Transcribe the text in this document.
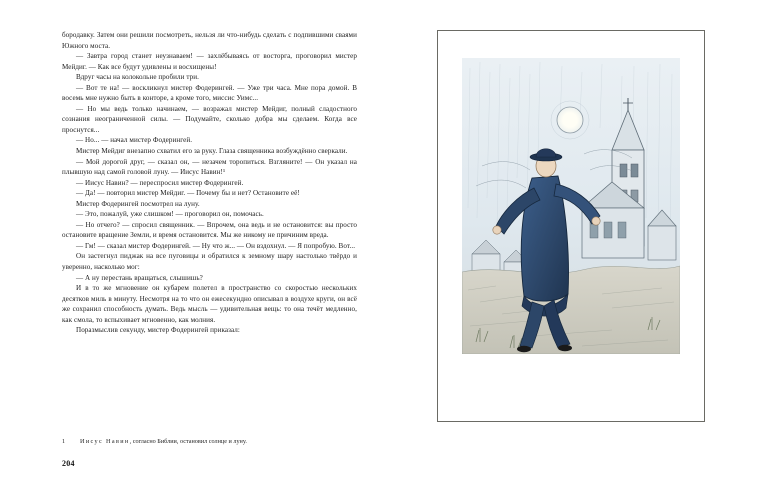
бородавку. Затем они решили посмотреть, нельзя ли что-нибудь сделать с подпившими сваями Южного моста.

— Завтра город станет неузнаваем! — захлёбываясь от восторга, проговорил мистер Мейдиг. — Как все будут удивлены и восхищены!

Вдруг часы на колокольне пробили три.

— Вот те на! — воскликнул мистер Фодерингей. — Уже три часа. Мне пора домой. В восемь мне нужно быть в конторе, а кроме того, миссис Уимс...

— Но мы ведь только начинаем, — возражал мистер Мейдиг, полный сладостного сознания неограниченной силы. — Подумайте, сколько добра мы сделаем. Когда все проснутся...

— Но... — начал мистер Фодерингей.

Мистер Мейдиг внезапно схватил его за руку. Глаза священника возбуждённо сверкали.

— Мой дорогой друг, — сказал он, — незачем торопиться. Взгляните! — Он указал на плывшую над самой головой луну. — Иисус Навин!¹

— Иисус Навин? — переспросил мистер Фодерингей.

— Да! — повторил мистер Мейдиг. — Почему бы и нет? Остановите её!

Мистер Фодерингей посмотрел на луну.

— Это, пожалуй, уже слишком! — проговорил он, помочась.

— Но отчего? — спросил священник. — Впрочем, она ведь и не остановится: вы просто остановите вращение Земли, и время остановится. Мы же никому не причиним вреда.

— Гм! — сказал мистер Фодерингей. — Ну что ж... — Он вздохнул. — Я попробую. Вот...

Он застегнул пиджак на все пуговицы и обратился к земному шару настолько твёрдо и уверенно, насколько мог:

— А ну перестань вращаться, слышишь?

И в то же мгновение он кубарем полетел в пространство со скоростью нескольких десятков миль в минуту. Несмотря на то что он ежесекундно описывал в воздухе круги, он всё же сохранил способность думать. Ведь мысль — удивительная вещь: то она течёт медленно, как смола, то вспыхивает мгновенно, как молния.

Поразмыслив секунду, мистер Фодерингей приказал:

1	Иисус Навин, согласно Библии, остановил солнце и луну.
204
